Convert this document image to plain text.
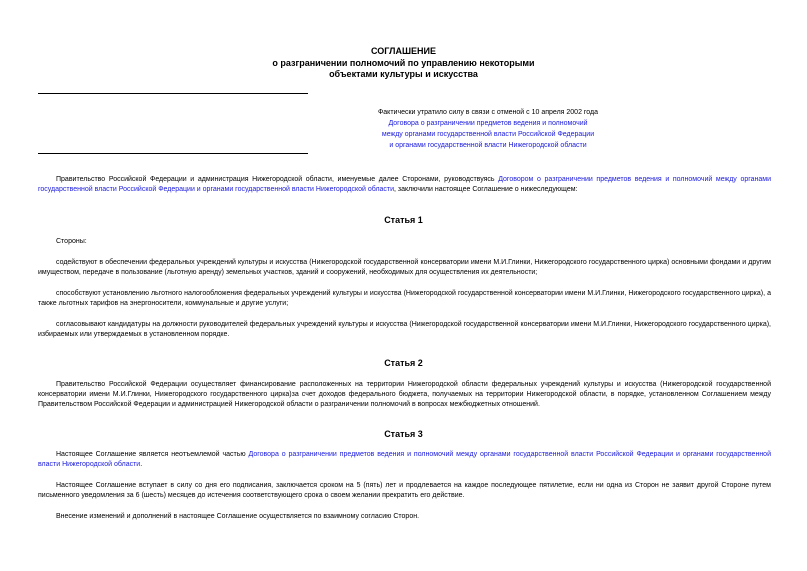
СОГЛАШЕНИЕ
о разграничении полномочий по управлению некоторыми
объектами культуры и искусства
Фактически утратило силу в связи с отменой с 10 апреля 2002 года
Договора о разграничении предметов ведения и полномочий
между органами государственной власти Российской Федерации
и органами государственной власти Нижегородской области
Правительство Российской Федерации и администрация Нижегородской области, именуемые далее Сторонами, руководствуясь Договором о разграничении предметов ведения и полномочий между органами государственной власти Российской Федерации и органами государственной власти Нижегородской области, заключили настоящее Соглашение о нижеследующем:
Статья 1
Стороны:
содействуют в обеспечении федеральных учреждений культуры и искусства (Нижегородской государственной консерватории имени М.И.Глинки, Нижегородского государственного цирка) основными фондами и другим имуществом, передаче в пользование (льготную аренду) земельных участков, зданий и сооружений, необходимых для осуществления их деятельности;
способствуют установлению льготного налогообложения федеральных учреждений культуры и искусства (Нижегородской государственной консерватории имени М.И.Глинки, Нижегородского государственного цирка), а также льготных тарифов на энергоносители, коммунальные и другие услуги;
согласовывают кандидатуры на должности руководителей федеральных учреждений культуры и искусства (Нижегородской государственной консерватории имени М.И.Глинки, Нижегородского государственного цирка), избираемых или утверждаемых в установленном порядке.
Статья 2
Правительство Российской Федерации осуществляет финансирование расположенных на территории Нижегородской области федеральных учреждений культуры и искусства (Нижегородской государственной консерватории имени М.И.Глинки, Нижегородского государственного цирка)за счет доходов федерального бюджета, получаемых на территории Нижегородской области, в порядке, установленном Соглашением между Правительством Российской Федерации и администрацией Нижегородской области о разграничении полномочий в вопросах межбюджетных отношений.
Статья 3
Настоящее Соглашение является неотъемлемой частью Договора о разграничении предметов ведения и полномочий между органами государственной власти Российской Федерации и органами государственной власти Нижегородской области.
Настоящее Соглашение вступает в силу со дня его подписания, заключается сроком на 5 (пять) лет и продлевается на каждое последующее пятилетие, если ни одна из Сторон не заявит другой Стороне путем письменного уведомления за 6 (шесть) месяцев до истечения соответствующего срока о своем желании прекратить его действие.
Внесение изменений и дополнений в настоящее Соглашение осуществляется по взаимному согласию Сторон.
